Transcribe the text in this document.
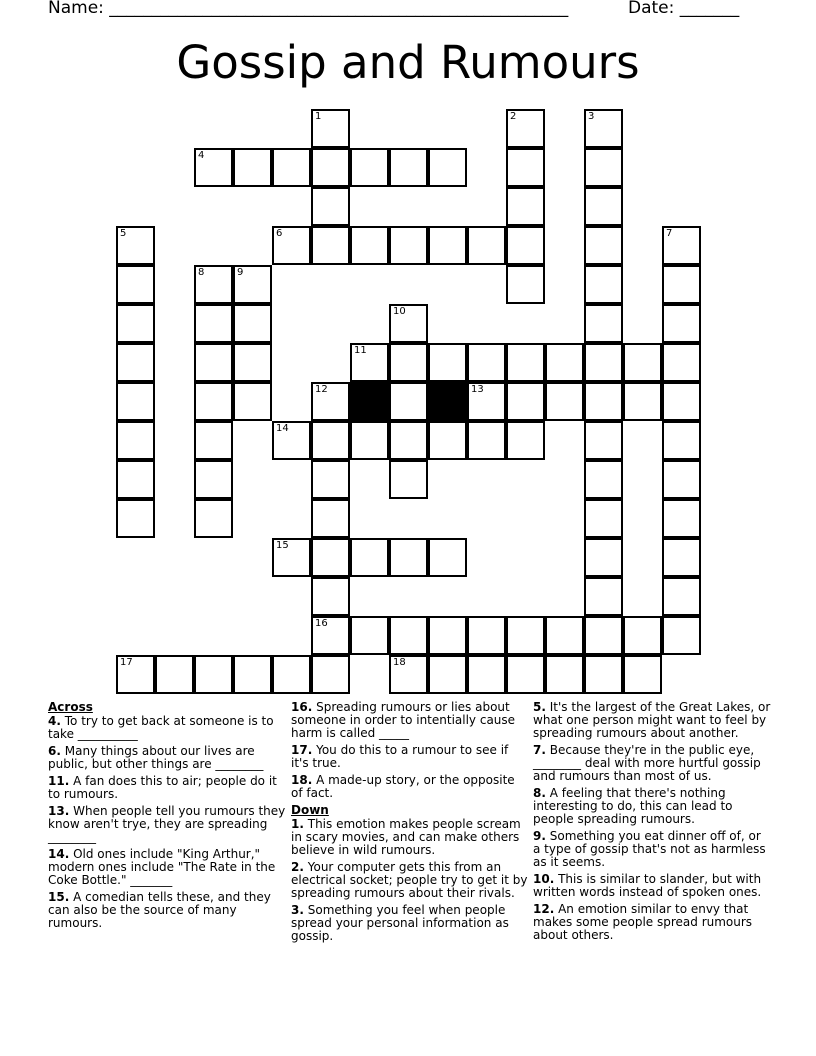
Name: ______________________________________________________	Date: _______
Gossip and Rumours
1	2	3
4
5	6	7
8	9
10
11
12	13
14
15
16
17	18
Across
4. To try to get back at someone is to take __________
6. Many things about our lives are public, but other things are ________
11. A fan does this to air; people do it to rumours.
13. When people tell you rumours they know aren't trye, they are spreading ________
14. Old ones include "King Arthur," modern ones include "The Rate in the Coke Bottle." _______
15. A comedian tells these, and they can also be the source of many rumours.
16. Spreading rumours or lies about someone in order to intentially cause harm is called _____
17. You do this to a rumour to see if it's true.
18. A made-up story, or the opposite of fact.
Down
1. This emotion makes people scream in scary movies, and can make others believe in wild rumours.
2. Your computer gets this from an electrical socket; people try to get it by spreading rumours about their rivals.
3. Something you feel when people spread your personal information as gossip.
5. It's the largest of the Great Lakes, or what one person might want to feel by spreading rumours about another.
7. Because they're in the public eye, ________ deal with more hurtful gossip and rumours than most of us.
8. A feeling that there's nothing interesting to do, this can lead to people spreading rumours.
9. Something you eat dinner off of, or a type of gossip that's not as harmless as it seems.
10. This is similar to slander, but with written words instead of spoken ones.
12. An emotion similar to envy that makes some people spread rumours about others.
